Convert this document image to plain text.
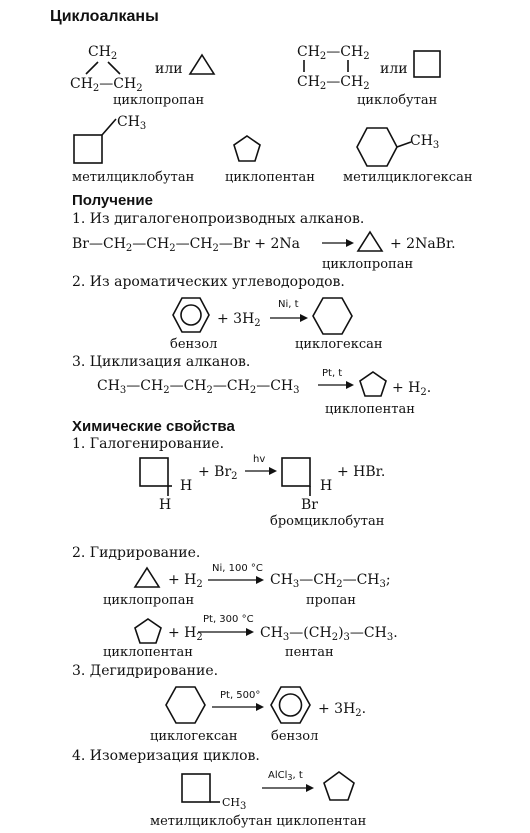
Циклоалканы
$CH_2$
$CH_2—CH_2$
или
циклопропан
$CH_2—CH_2$
$CH_2—CH_2$
или
циклобутан
$CH_3$
метилциклобутан циклопентан
$CH_3$
метилциклогексан
Получение
1. Из дигалогенопроизводных алканов.
$Br—CH_2—CH_2—CH_2—Br + 2Na$	+ 2NaBr.
циклопропан
2. Из ароматических углеводородов.
+ $3H_2$
Ni, t
бензол	циклогексан
3. Циклизация алканов.
$CH_3—CH_2—CH_2—CH_2—CH_3$
Pt, t
+ $H_2$.
циклопентан
Химические свойства
1. Галогенирование.
H
H
+ $Br_2$
hv
H
+ HBr.
Br
бромциклобутан
2. Гидрирование.
+ $H_2$
Ni, 100 °C
$CH_3—CH_2—CH_3$;
циклопропан	пропан
+ $H_2$
Pt, 300 °C
$CH_3—(CH_2)_3—CH_3$.
циклопентан	пентан
3. Дегидрирование.
Pt, 500°
+ $3H_2$.
циклогексан	бензол
4. Изомеризация циклов.
CH3
AlCl$_3$, t
метилциклобутан циклопентан
